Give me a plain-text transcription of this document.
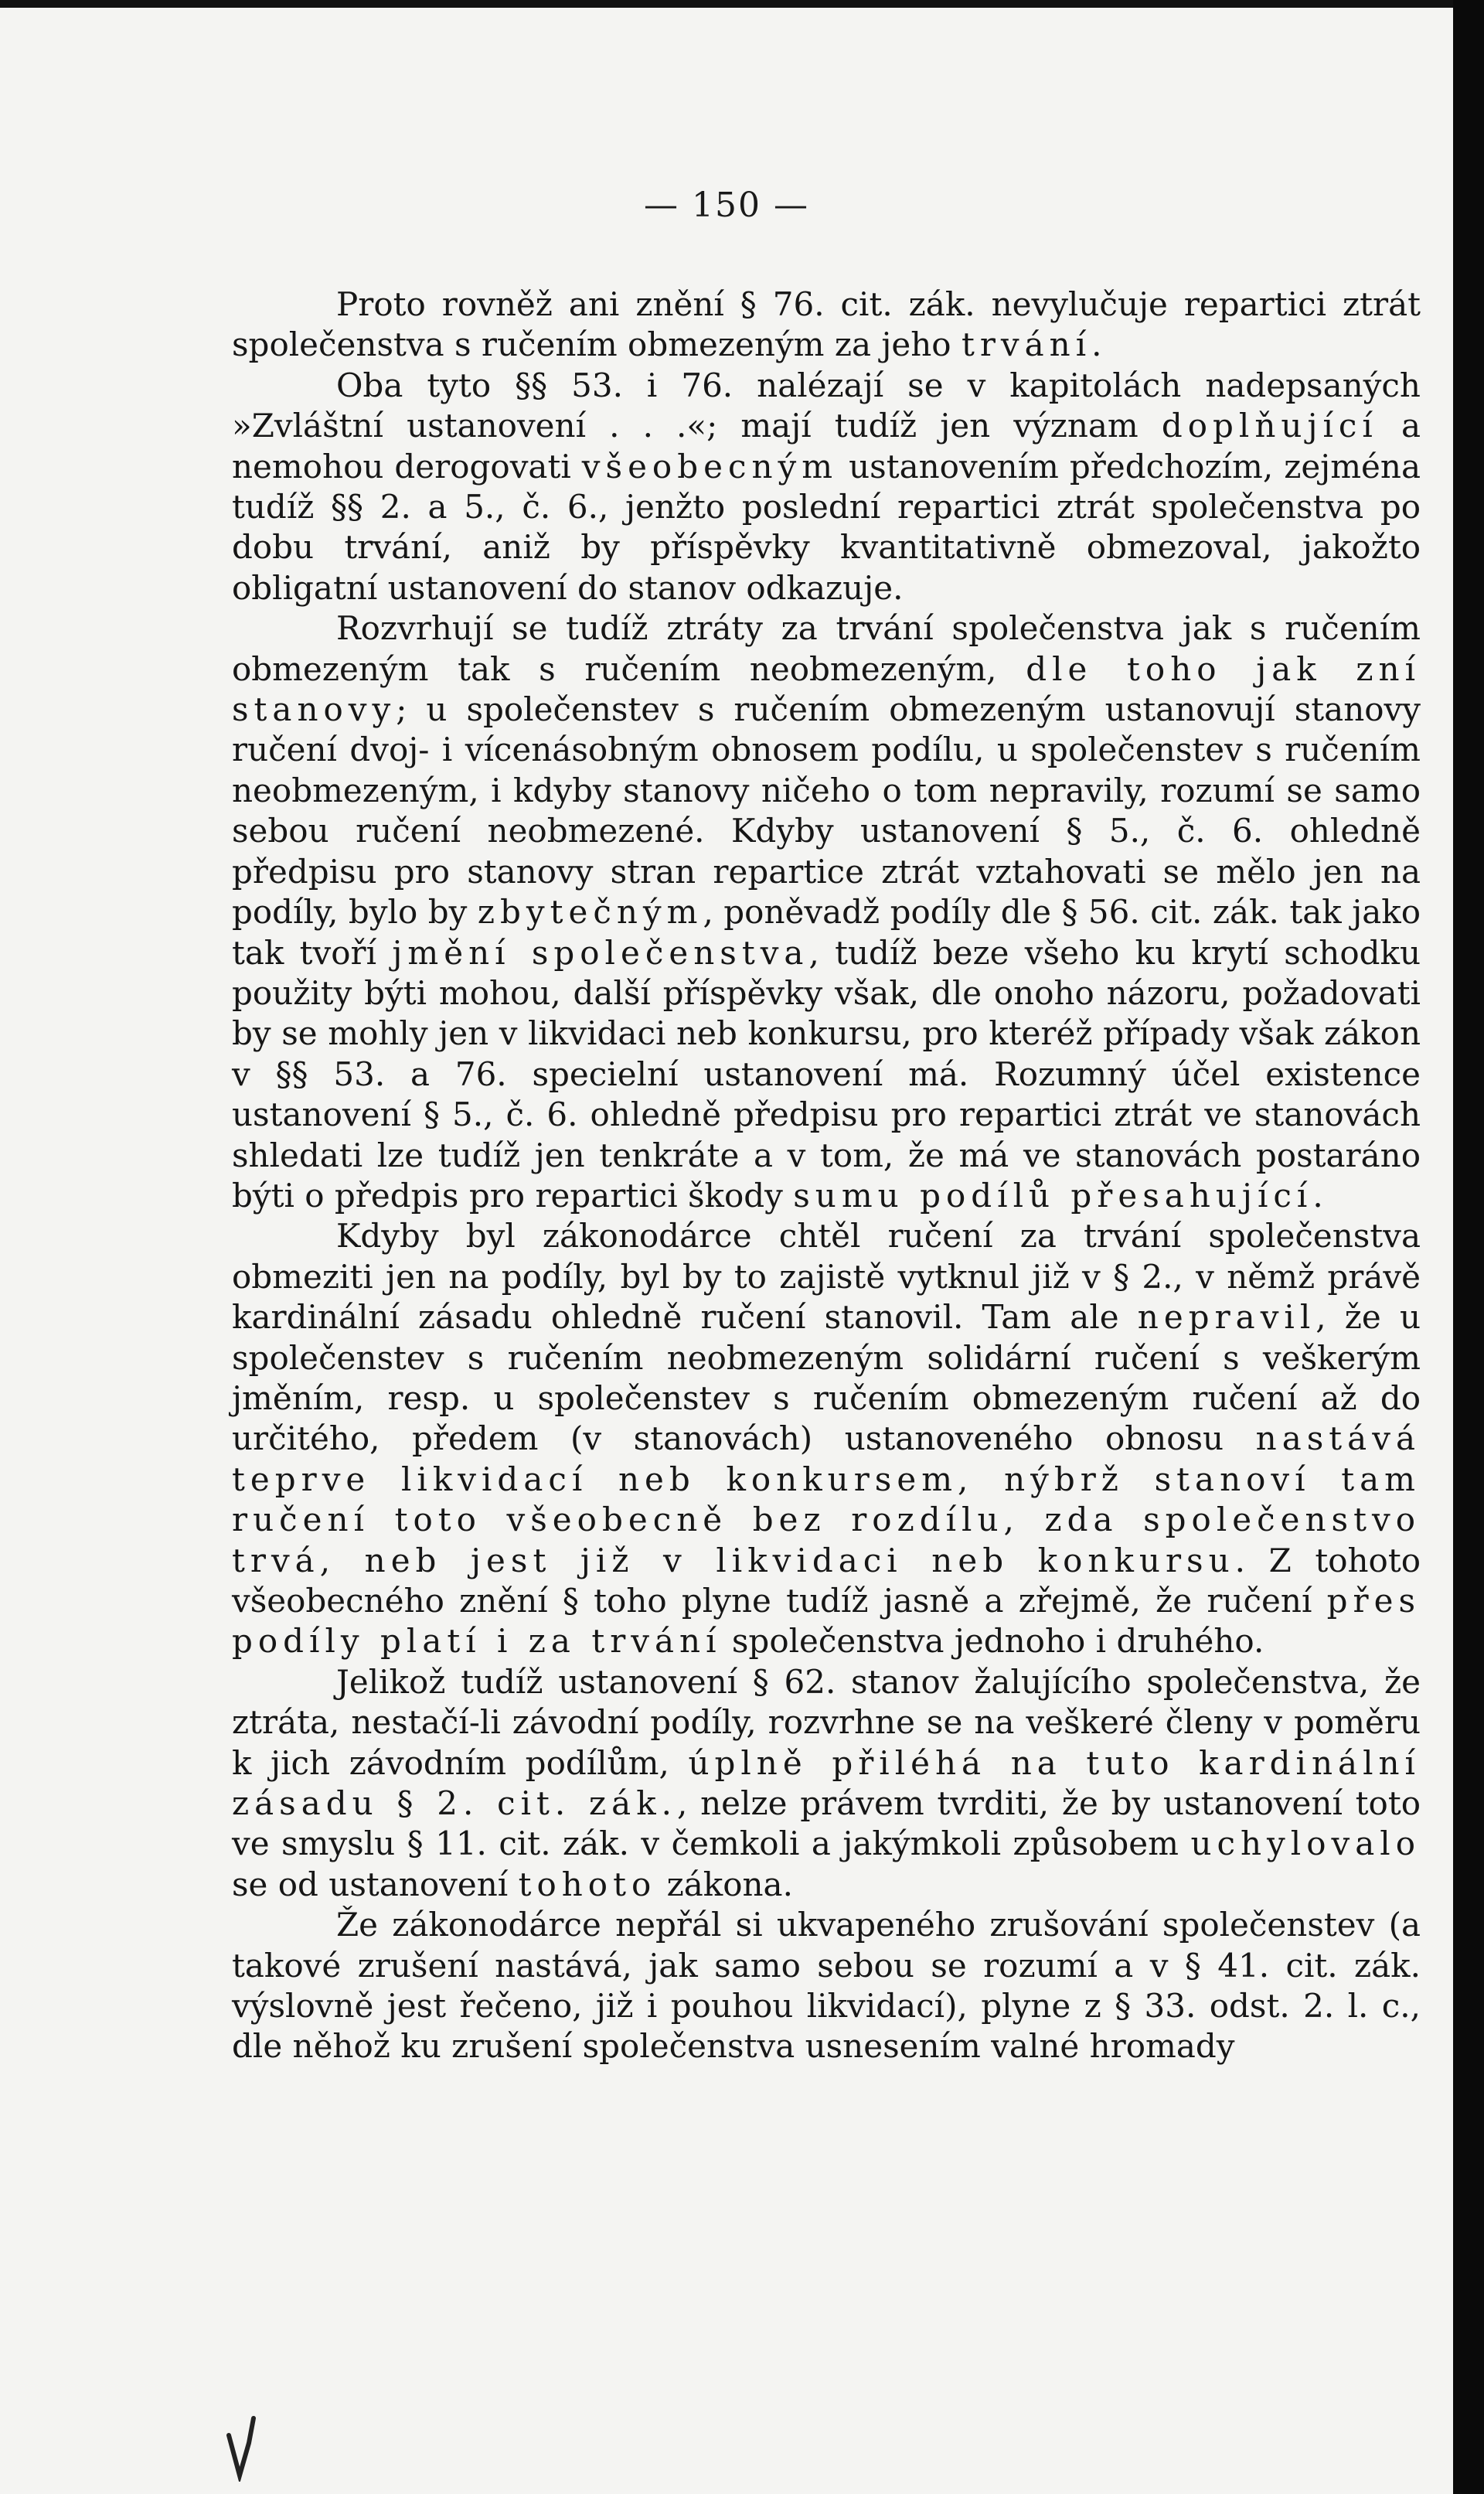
— 150 —

Proto rovněž ani znění § 76. cit. zák. nevylučuje repartici ztrát společenstva s ručením obmezeným za jeho trvání.

Oba tyto §§ 53. i 76. nalézají se v kapitolách nadepsaných »Zvláštní ustanovení . . .«; mají tudíž jen význam doplňující a nemohou derogovati všeobecným ustanovením předchozím, zejména tudíž §§ 2. a 5., č. 6., jenžto poslední repartici ztrát společenstva po dobu trvání, aniž by příspěvky kvantitativně obmezoval, jakožto obligatní ustanovení do stanov odkazuje.

Rozvrhují se tudíž ztráty za trvání společenstva jak s ručením obmezeným tak s ručením neobmezeným, dle toho jak zní stanovy; u společenstev s ručením obmezeným ustanovují stanovy ručení dvoj- i vícenásobným obnosem podílu, u společenstev s ručením neobmezeným, i kdyby stanovy ničeho o tom nepravily, rozumí se samo sebou ručení neobmezené. Kdyby ustanovení § 5., č. 6. ohledně předpisu pro stanovy stran repartice ztrát vztahovati se mělo jen na podíly, bylo by zbytečným, poněvadž podíly dle § 56. cit. zák. tak jako tak tvoří jmění společenstva, tudíž beze všeho ku krytí schodku použity býti mohou, další příspěvky však, dle onoho názoru, požadovati by se mohly jen v likvidaci neb konkursu, pro kteréž případy však zákon v §§ 53. a 76. specielní ustanovení má. Rozumný účel existence ustanovení § 5., č. 6. ohledně předpisu pro repartici ztrát ve stanovách shledati lze tudíž jen tenkráte a v tom, že má ve stanovách postaráno býti o předpis pro repartici škody sumu podílů přesahující.

Kdyby byl zákonodárce chtěl ručení za trvání společenstva obmeziti jen na podíly, byl by to zajistě vytknul již v § 2., v němž právě kardinální zásadu ohledně ručení stanovil. Tam ale nepravil, že u společenstev s ručením neobmezeným solidární ručení s veškerým jměním, resp. u společenstev s ručením obmezeným ručení až do určitého, předem (v stanovách) ustanoveného obnosu nastává teprve likvidací neb konkursem, nýbrž stanoví tam ručení toto všeobecně bez rozdílu, zda společenstvo trvá, neb jest již v likvidaci neb konkursu. Z tohoto všeobecného znění § toho plyne tudíž jasně a zřejmě, že ručení přes podíly platí i za trvání společenstva jednoho i druhého.

Jelikož tudíž ustanovení § 62. stanov žalujícího společenstva, že ztráta, nestačí-li závodní podíly, rozvrhne se na veškeré členy v poměru k jich závodním podílům, úplně přiléhá na tuto kardinální zásadu § 2. cit. zák., nelze právem tvrditi, že by ustanovení toto ve smyslu § 11. cit. zák. v čemkoli a jakýmkoli způsobem uchylovalo se od ustanovení tohoto zákona.

Že zákonodárce nepřál si ukvapeného zrušování společenstev (a takové zrušení nastává, jak samo sebou se rozumí a v § 41. cit. zák. výslovně jest řečeno, již i pouhou likvidací), plyne z § 33. odst. 2. l. c., dle něhož ku zrušení společenstva usnesením valné hromady
